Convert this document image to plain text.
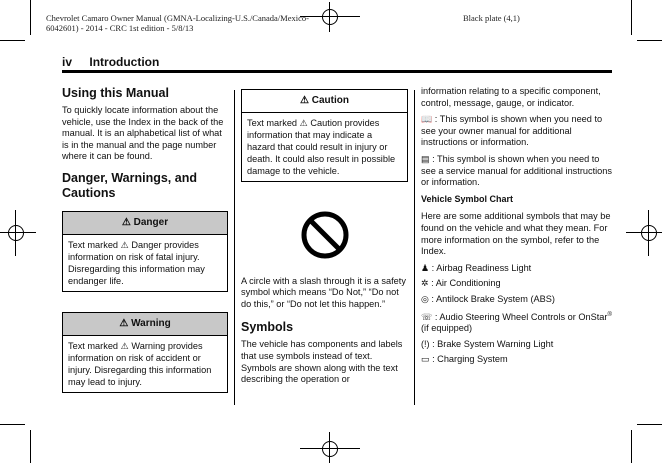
Chevrolet Camaro Owner Manual (GMNA-Localizing-U.S./Canada/Mexico-
6042601) - 2014 - CRC 1st edition - 5/8/13
Black plate (4,1)
iv Introduction
Using this Manual

To quickly locate information about the vehicle, use the Index in the back of the manual. It is an alphabetical list of what is in the manual and the page number where it can be found.

Danger, Warnings, and Cautions
⚠ Danger
Text marked ⚠ Danger provides information on risk of fatal injury. Disregarding this information may endanger life.
⚠ Warning
Text marked ⚠ Warning provides information on risk of accident or injury. Disregarding this information may lead to injury.
⚠ Caution
Text marked ⚠ Caution provides information that may indicate a hazard that could result in injury or death. It could also result in possible damage to the vehicle.

A circle with a slash through it is a safety symbol which means “Do Not,” “Do not do this,” or “Do not let this happen.”

Symbols

The vehicle has components and labels that use symbols instead of text. Symbols are shown along with the text describing the operation or

information relating to a specific component, control, message, gauge, or indicator.

📖 : This symbol is shown when you need to see your owner manual for additional instructions or information.

▤ : This symbol is shown when you need to see a service manual for additional instructions or information.

Vehicle Symbol Chart

Here are some additional symbols that may be found on the vehicle and what they mean. For more information on the symbol, refer to the Index.

♟ : Airbag Readiness Light

✲ : Air Conditioning

◎ : Antilock Brake System (ABS)

☏ : Audio Steering Wheel Controls or OnStar® (if equipped)

(!) : Brake System Warning Light

▭ : Charging System
